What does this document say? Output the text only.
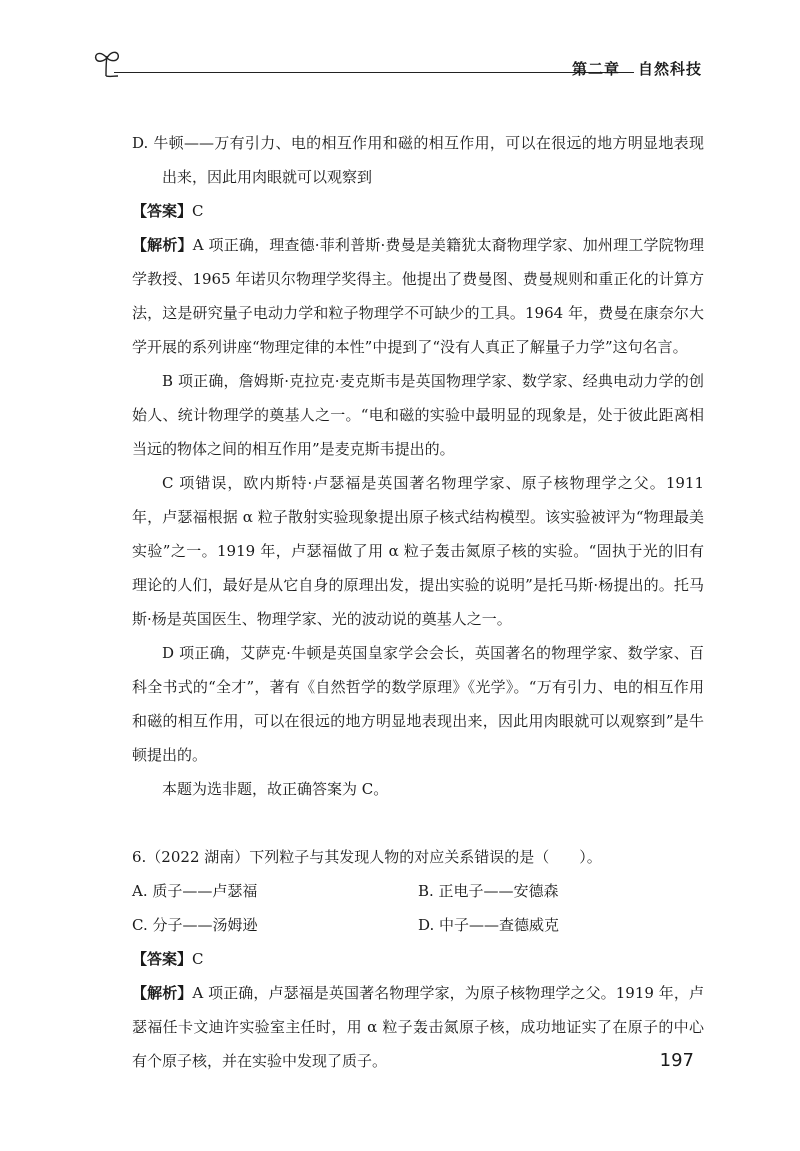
第二章 自然科技

D. 牛顿——万有引力、电的相互作用和磁的相互作用，可以在很远的地方明显地表现出来，因此用肉眼就可以观察到

【答案】C

【解析】A 项正确，理查德·菲利普斯·费曼是美籍犹太裔物理学家、加州理工学院物理学教授、1965 年诺贝尔物理学奖得主。他提出了费曼图、费曼规则和重正化的计算方法，这是研究量子电动力学和粒子物理学不可缺少的工具。1964 年，费曼在康奈尔大学开展的系列讲座“物理定律的本性”中提到了“没有人真正了解量子力学”这句名言。

B 项正确，詹姆斯·克拉克·麦克斯韦是英国物理学家、数学家、经典电动力学的创始人、统计物理学的奠基人之一。“电和磁的实验中最明显的现象是，处于彼此距离相当远的物体之间的相互作用”是麦克斯韦提出的。

C 项错误，欧内斯特·卢瑟福是英国著名物理学家、原子核物理学之父。1911 年，卢瑟福根据 α 粒子散射实验现象提出原子核式结构模型。该实验被评为“物理最美实验”之一。1919 年，卢瑟福做了用 α 粒子轰击氮原子核的实验。“固执于光的旧有理论的人们，最好是从它自身的原理出发，提出实验的说明”是托马斯·杨提出的。托马斯·杨是英国医生、物理学家、光的波动说的奠基人之一。

D 项正确，艾萨克·牛顿是英国皇家学会会长，英国著名的物理学家、数学家、百科全书式的“全才”，著有《自然哲学的数学原理》《光学》。“万有引力、电的相互作用和磁的相互作用，可以在很远的地方明显地表现出来，因此用肉眼就可以观察到”是牛顿提出的。

本题为选非题，故正确答案为 C。

6.（2022 湖南）下列粒子与其发现人物的对应关系错误的是（　　）。

A. 质子——卢瑟福	B. 正电子——安德森
C. 分子——汤姆逊	D. 中子——查德威克

【答案】C

【解析】A 项正确，卢瑟福是英国著名物理学家，为原子核物理学之父。1919 年，卢瑟福任卡文迪许实验室主任时，用 α 粒子轰击氮原子核，成功地证实了在原子的中心有个原子核，并在实验中发现了质子。	197
